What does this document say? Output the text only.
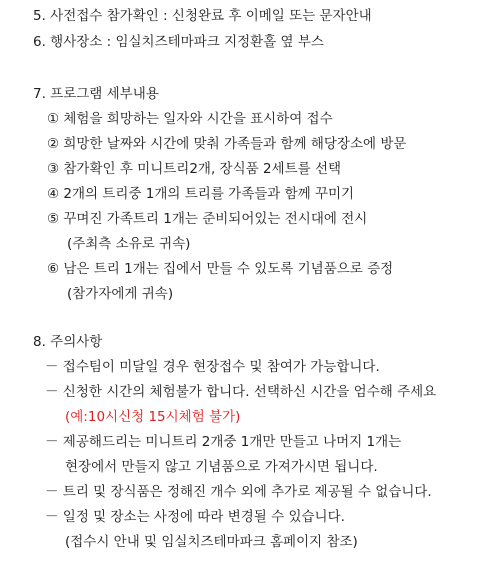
5. 사전접수 참가확인 : 신청완료 후 이메일 또는 문자안내
6. 행사장소 : 임실치즈테마파크 지정환홀 옆 부스
7. 프로그램 세부내용
① 체험을 희망하는 일자와 시간을 표시하여 접수
② 희망한 날짜와 시간에 맞춰 가족들과 함께 해당장소에 방문
③ 참가확인 후 미니트리2개, 장식품 2세트를 선택
④ 2개의 트리중 1개의 트리를 가족들과 함께 꾸미기
⑤ 꾸며진 가족트리 1개는 준비되어있는 전시대에 전시
(주최측 소유로 귀속)
⑥ 남은 트리 1개는 집에서 만들 수 있도록 기념품으로 증정
(참가자에게 귀속)
8. 주의사항
－ 접수팀이 미달일 경우 현장접수 및 참여가 가능합니다.
－ 신청한 시간의 체험불가 합니다. 선택하신 시간을 엄수해 주세요
(예:10시신청 15시체험 불가)
－ 제공해드리는 미니트리 2개중 1개만 만들고 나머지 1개는
현장에서 만들지 않고 기념품으로 가져가시면 됩니다.
－ 트리 및 장식품은 정해진 개수 외에 추가로 제공될 수 없습니다.
－ 일정 및 장소는 사정에 따라 변경될 수 있습니다.
(접수시 안내 및 임실치즈테마파크 홈페이지 참조)
